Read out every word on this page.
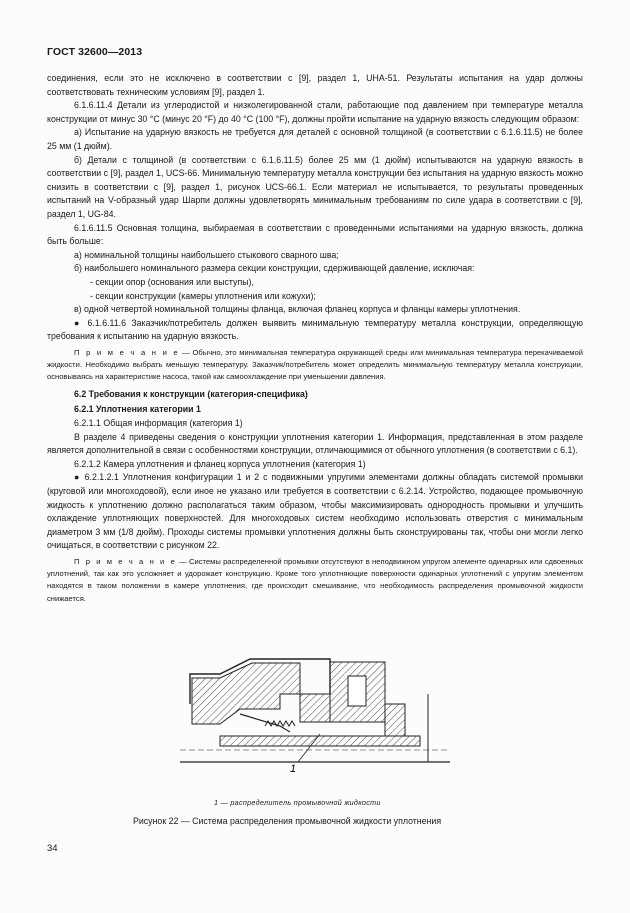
ГОСТ 32600—2013

соединения, если это не исключено в соответствии с [9], раздел 1, UHA-51. Результаты испытания на удар должны соответствовать техническим условиям [9], раздел 1.

6.1.6.11.4 Детали из углеродистой и низколегированной стали, работающие под давлением при температуре металла конструкции от минус 30 °С (минус 20 °F) до 40 °С (100 °F), должны пройти испытание на ударную вязкость следующим образом:

а) Испытание на ударную вязкость не требуется для деталей с основной толщиной (в соответствии с 6.1.6.11.5) не более 25 мм (1 дюйм).

б) Детали с толщиной (в соответствии с 6.1.6.11.5) более 25 мм (1 дюйм) испытываются на ударную вязкость в соответствии с [9], раздел 1, UCS-66. Минимальную температуру металла конструкции без испытания на ударную вязкость можно снизить в соответствии с [9], раздел 1, рисунок UCS-66.1. Если материал не испытывается, то результаты проведенных испытаний на V-образный удар Шарпи должны удовлетворять минимальным требованиям по силе удара в соответствии с [9], раздел 1, UG-84.

6.1.6.11.5 Основная толщина, выбираемая в соответствии с проведенными испытаниями на ударную вязкость, должна быть больше:

а) номинальной толщины наибольшего стыкового сварного шва;

б) наибольшего номинального размера секции конструкции, сдерживающей давление, исключая:

- секции опор (основания или выступы),

- секции конструкции (камеры уплотнения или кожухи);

в) одной четвертой номинальной толщины фланца, включая фланец корпуса и фланцы камеры уплотнения.

● 6.1.6.11.6 Заказчик/потребитель должен выявить минимальную температуру металла конструкции, определяющую требования к испытанию на ударную вязкость.

П р и м е ч а н и е — Обычно, это минимальная температура окружающей среды или минимальная температура перекачиваемой жидкости. Необходимо выбрать меньшую температуру. Заказчик/потребитель может определить минимальную температуру металла конструкции, основываясь на характеристике насоса, такой как самоохлаждение при уменьшении давления.

6.2 Требования к конструкции (категория-специфика)

6.2.1 Уплотнения категории 1

6.2.1.1 Общая информация (категория 1)

В разделе 4 приведены сведения о конструкции уплотнения категории 1. Информация, представленная в этом разделе является дополнительной в связи с особенностями конструкции, отличающимися от обычного уплотнения (в соответствии с 6.1).

6.2.1.2 Камера уплотнения и фланец корпуса уплотнения (категория 1)

● 6.2.1.2.1 Уплотнения конфигурации 1 и 2 с подвижными упругими элементами должны обладать системой промывки (круговой или многоходовой), если иное не указано или требуется в соответствии с 6.2.14. Устройство, подающее промывочную жидкость к уплотнению должно располагаться таким образом, чтобы максимизировать однородность промывки и улучшить охлаждение уплотняющих поверхностей. Для многоходовых систем необходимо использовать отверстия с минимальным диаметром 3 мм (1/8 дюйм). Проходы системы промывки уплотнения должны быть сконструированы так, чтобы они могли легко очищаться, в соответствии с рисунком 22.

П р и м е ч а н и е — Системы распределенной промывки отсутствуют в неподвижном упругом элементе одинарных или сдвоенных уплотнений, так как это усложняет и удорожает конструкцию. Кроме того уплотняющие поверхности одинарных уплотнений с упругим элементом находятся в таком положении в камере уплотнения, где происходит смешивание, что необходимость распределения промывочной жидкости снижается.

1
1 — распределитель промывочной жидкости
Рисунок 22 — Система распределения промывочной жидкости уплотнения
34
